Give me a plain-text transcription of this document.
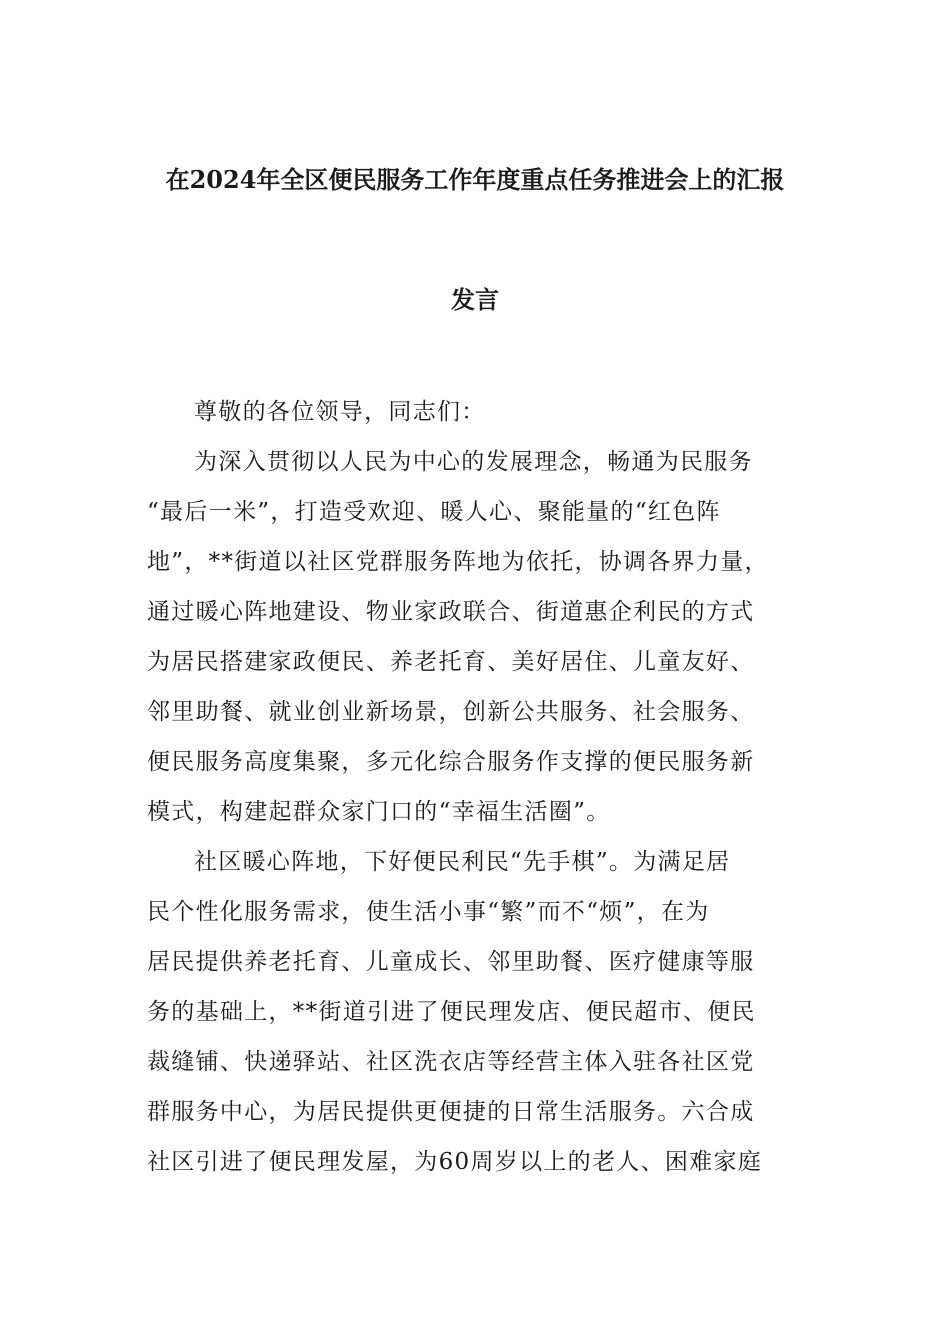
在2024年全区便民服务工作年度重点任务推进会上的汇报
发言
尊敬的各位领导，同志们：
为深入贯彻以人民为中心的发展理念，畅通为民服务
“最后一米”，打造受欢迎、暖人心、聚能量的“红色阵
地”，**街道以社区党群服务阵地为依托，协调各界力量，
通过暖心阵地建设、物业家政联合、街道惠企利民的方式
为居民搭建家政便民、养老托育、美好居住、儿童友好、
邻里助餐、就业创业新场景，创新公共服务、社会服务、
便民服务高度集聚，多元化综合服务作支撑的便民服务新
模式，构建起群众家门口的“幸福生活圈”。
社区暖心阵地，下好便民利民“先手棋”。为满足居
民个性化服务需求，使生活小事“繁”而不“烦”，在为
居民提供养老托育、儿童成长、邻里助餐、医疗健康等服
务的基础上，**街道引进了便民理发店、便民超市、便民
裁缝铺、快递驿站、社区洗衣店等经营主体入驻各社区党
群服务中心，为居民提供更便捷的日常生活服务。六合成
社区引进了便民理发屋，为60周岁以上的老人、困难家庭
